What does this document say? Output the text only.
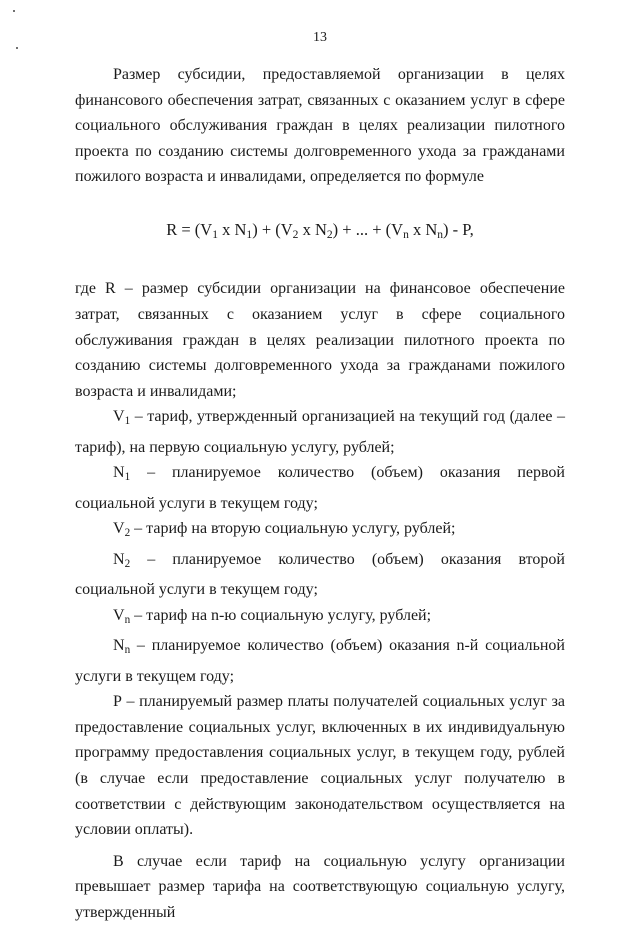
13

Размер субсидии, предоставляемой организации в целях финансового обеспечения затрат, связанных с оказанием услуг в сфере социального обслуживания граждан в целях реализации пилотного проекта по созданию системы долговременного ухода за гражданами пожилого возраста и инвалидами, определяется по формуле

$R = (V_1$ x $N_1) + (V_2$ x $N_2$) + ... + ($V_n$ x $N_n$) - P,

где R – размер субсидии организации на финансовое обеспечение затрат, связанных с оказанием услуг в сфере социального обслуживания граждан в целях реализации пилотного проекта по созданию системы долговременного ухода за гражданами пожилого возраста и инвалидами;

$V_1$ – тариф, утвержденный организацией на текущий год (далее – тариф), на первую социальную услугу, рублей;

$N_1$ – планируемое количество (объем) оказания первой социальной услуги в текущем году;

$V_2$ – тариф на вторую социальную услугу, рублей;

$N_2$ – планируемое количество (объем) оказания второй социальной услуги в текущем году;

$V_n$ – тариф на n-ю социальную услугу, рублей;

$N_n$ – планируемое количество (объем) оказания n-й социальной услуги в текущем году;

Р – планируемый размер платы получателей социальных услуг за предоставление социальных услуг, включенных в их индивидуальную программу предоставления социальных услуг, в текущем году, рублей (в случае если предоставление социальных услуг получателю в соответствии с действующим законодательством осуществляется на условии оплаты).

В случае если тариф на социальную услугу организации превышает размер тарифа на соответствующую социальную услугу, утвержденный
